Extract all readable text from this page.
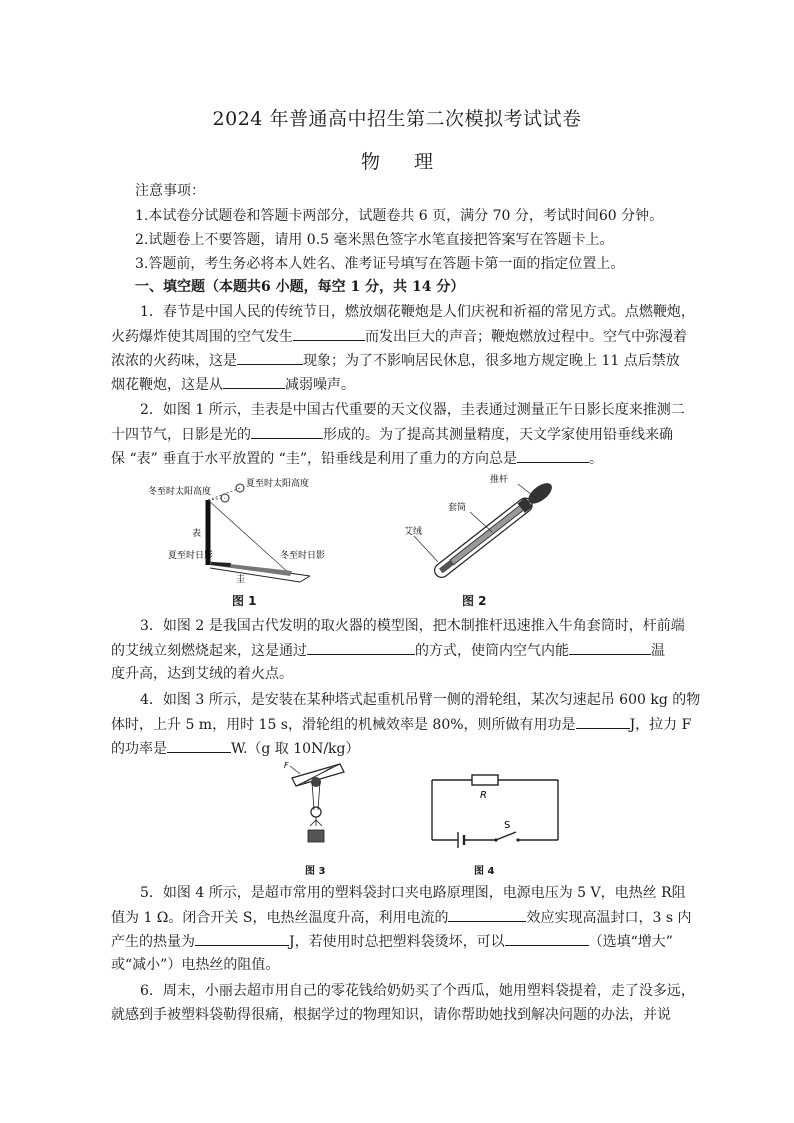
2024 年普通高中招生第二次模拟考试试卷
物理
注意事项：
1.本试卷分试题卷和答题卡两部分，试题卷共 6 页，满分 70 分，考试时间60 分钟。
2.试题卷上不要答题，请用 0.5 毫米黑色签字水笔直接把答案写在答题卡上。
3.答题前，考生务必将本人姓名、准考证号填写在答题卡第一面的指定位置上。
一、填空题（本题共6 小题，每空 1 分，共 14 分）
1．春节是中国人民的传统节日，燃放烟花鞭炮是人们庆祝和祈福的常见方式。点燃鞭炮，
火药爆炸使其周围的空气发生	而发出巨大的声音；鞭炮燃放过程中。空气中弥漫着
浓浓的火药味，这是	现象；为了不影响居民休息，很多地方规定晚上 11 点后禁放
烟花鞭炮，这是从	减弱噪声。
2．如图 1 所示，圭表是中国古代重要的天文仪器，圭表通过测量正午日影长度来推测二
十四节气，日影是光的	形成的。为了提高其测量精度，天文学家使用铅垂线来确
保 “表” 垂直于水平放置的 “圭”，铅垂线是利用了重力的方向总是	。
冬至时太阳高度
夏至时太阳高度
表
夏至时日影	冬至时日影
圭
图 1
推杆
套筒
艾绒
图 2
3．如图 2 是我国古代发明的取火器的模型图，把木制推杆迅速推入牛角套筒时，杆前端
的艾绒立刻燃烧起来，这是通过	的方式，使筒内空气内能	温
度升高，达到艾绒的着火点。
4．如图 3 所示，是安装在某种塔式起重机吊臂一侧的滑轮组，某次匀速起吊 600 kg 的物
体时，上升 5 m，用时 15 s，滑轮组的机械效率是 80%，则所做有用功是	J，拉力 F
的功率是	W.（g 取 10N/kg）
F
图 3
R
S
图 4
5．如图 4 所示，是超市常用的塑料袋封口夹电路原理图，电源电压为 5 V，电热丝 R阻
值为 1 Ω。闭合开关 S，电热丝温度升高，利用电流的	效应实现高温封口，3 s 内
产生的热量为	J，若使用时总把塑料袋烫坏，可以	（选填“增大”
或“减小”）电热丝的阻值。
6．周末，小丽去超市用自己的零花钱给奶奶买了个西瓜，她用塑料袋提着，走了没多远，
就感到手被塑料袋勒得很痛，根据学过的物理知识，请你帮助她找到解决问题的办法，并说
